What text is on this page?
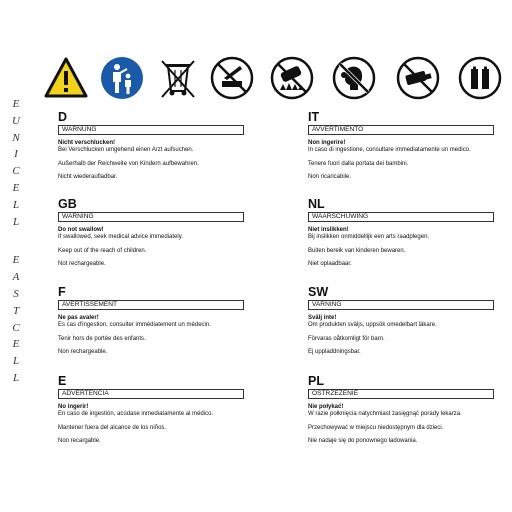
E
U
N
I
C
E
L
L
E
A
S
T
C
E
L
L
D
WARNUNG
Nicht verschlucken!
Bei Verschlucken umgehend einen Arzt aufsuchen.
Außerhalb der Reichweite von Kindern aufbewahren.
Nicht wiederaufladbar.
IT
AVVERTIMENTO
Non ingerire!
In caso di ingestione, consultare immediatamente un medico.
Tenere fuori dalla portata dei bambini.
Non ricaricabile.
GB
WARNING
Do not swallow!
If swallowed, seek medical advice immediately.
Keep out of the reach of children.
Not rechargeable.
NL
WAARSCHUWING
Niet inslikken!
Bij inslikken onmiddellijk een arts raadplegen.
Buiten bereik van kinderen bewaren.
Niet oplaadbaar.
F
AVERTISSEMENT
Ne pas avaler!
Es cas d'ingestion, consulter immédiatement un médecin.
Tenir hors de portée des enfants.
Non rechargeable.
SW
VARNING
Svälj inte!
Om produkten sväljs, uppsök omedelbart läkare.
Förvaras oåtkomligt för barn.
Ej uppladdningsbar.
E
ADVERTENCIA
No ingerir!
En caso de ingestión, acúdase inmediatamente al médico.
Mantener fuera del alcance de los niños.
Non recargable.
PL
OSTRZEŻENIE
Nie połykać!
W razie połknięcia natychmiast zasięgnąć porady lekarza.
Przechowywać w miejscu niedostępnym dla dzieci.
Nie nadaje się do ponownego ładowania.
